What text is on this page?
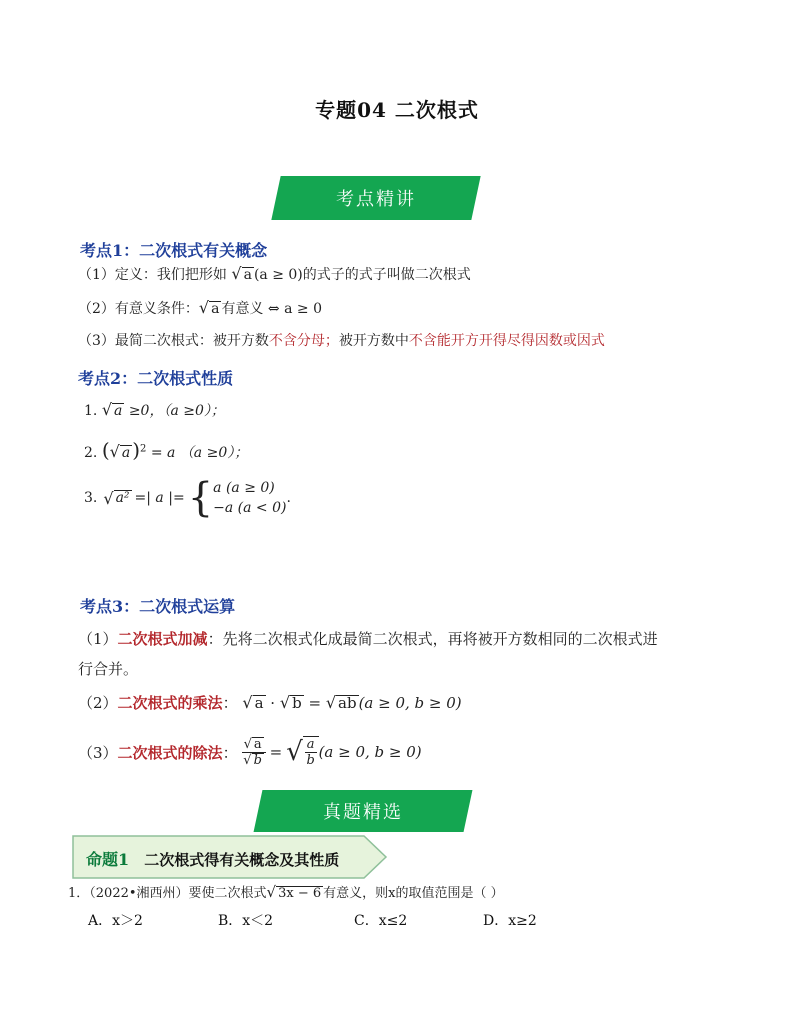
专题04 二次根式
考点精讲
考点1：二次根式有关概念
（1）定义：我们把形如 √ a (a ≥ 0)的式子的式子叫做二次根式
（2）有意义条件：√ a 有意义 ⇔ a ≥ 0
（3）最简二次根式：被开方数不含分母；被开方数中不含能开方开得尽得因数或因式
考点2：二次根式性质
1. √ a ≥0，（a ≥0）；
2. (√ a )$^2$ = a （a ≥0）；
3. √ a² =| a |= { a (a ≥ 0)
−a (a < 0)
.
考点3：二次根式运算
（1）二次根式加减：先将二次根式化成最简二次根式，再将被开方数相同的二次根式进
行合并。
（2）二次根式的乘法： √ a · √ b = √ ab (a ≥ 0, b ≥ 0)
（3） 二次根式的除法 ： $\frac{√ a}{√ b}$ = √ $\frac{a}{b} (a \ge 0$, b ≥ 0)
真题精选
命题1 二次根式得有关概念及其性质
1．（2022•湘西州）要使二次根式√ 3x − 6 有意义，则x的取值范围是（ ）
A．x＞2	B．x＜2	C．x≤2	D．x≥2
